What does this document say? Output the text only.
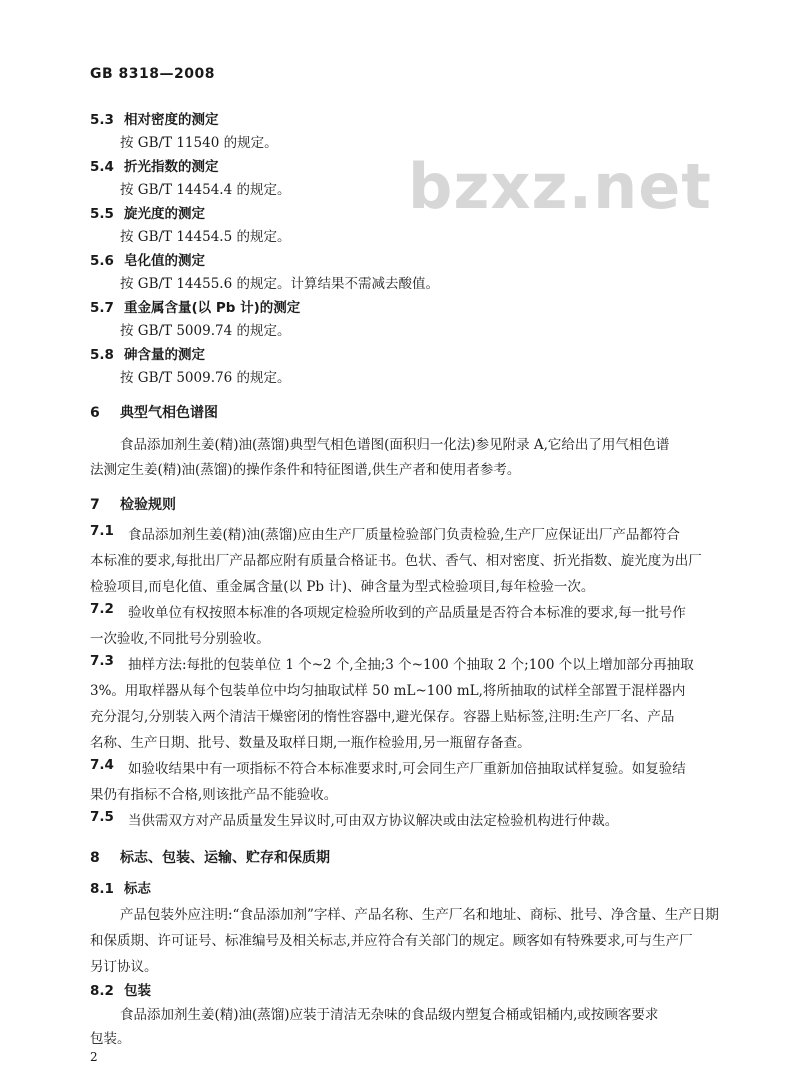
bzxz.net
GB 8318—2008
5.3 相对密度的测定
按 GB/T 11540 的规定。
5.4 折光指数的测定
按 GB/T 14454.4 的规定。
5.5 旋光度的测定
按 GB/T 14454.5 的规定。
5.6 皂化值的测定
按 GB/T 14455.6 的规定。计算结果不需减去酸值。
5.7 重金属含量(以 Pb 计)的测定
按 GB/T 5009.74 的规定。
5.8 砷含量的测定
按 GB/T 5009.76 的规定。
6 典型气相色谱图
食品添加剂生姜(精)油(蒸馏)典型气相色谱图(面积归一化法)参见附录 A,它给出了用气相色谱
法测定生姜(精)油(蒸馏)的操作条件和特征图谱,供生产者和使用者参考。
7 检验规则
7.1 食品添加剂生姜(精)油(蒸馏)应由生产厂质量检验部门负责检验,生产厂应保证出厂产品都符合
本标准的要求,每批出厂产品都应附有质量合格证书。色状、香气、相对密度、折光指数、旋光度为出厂
检验项目,而皂化值、重金属含量(以 Pb 计)、砷含量为型式检验项目,每年检验一次。
7.2 验收单位有权按照本标准的各项规定检验所收到的产品质量是否符合本标准的要求,每一批号作
一次验收,不同批号分别验收。
7.3 抽样方法:每批的包装单位 1 个~2 个,全抽;3 个~100 个抽取 2 个;100 个以上增加部分再抽取
3%。用取样器从每个包装单位中均匀抽取试样 50 mL~100 mL,将所抽取的试样全部置于混样器内
充分混匀,分别装入两个清洁干燥密闭的惰性容器中,避光保存。容器上贴标签,注明:生产厂名、产品
名称、生产日期、批号、数量及取样日期,一瓶作检验用,另一瓶留存备查。
7.4 如验收结果中有一项指标不符合本标准要求时,可会同生产厂重新加倍抽取试样复验。如复验结
果仍有指标不合格,则该批产品不能验收。
7.5 当供需双方对产品质量发生异议时,可由双方协议解决或由法定检验机构进行仲裁。
8 标志、包装、运输、贮存和保质期
8.1 标志
产品包装外应注明:“食品添加剂”字样、产品名称、生产厂名和地址、商标、批号、净含量、生产日期
和保质期、许可证号、标准编号及相关标志,并应符合有关部门的规定。顾客如有特殊要求,可与生产厂
另订协议。
8.2 包装
食品添加剂生姜(精)油(蒸馏)应装于清洁无杂味的食品级内塑复合桶或铝桶内,或按顾客要求
包装。
2
